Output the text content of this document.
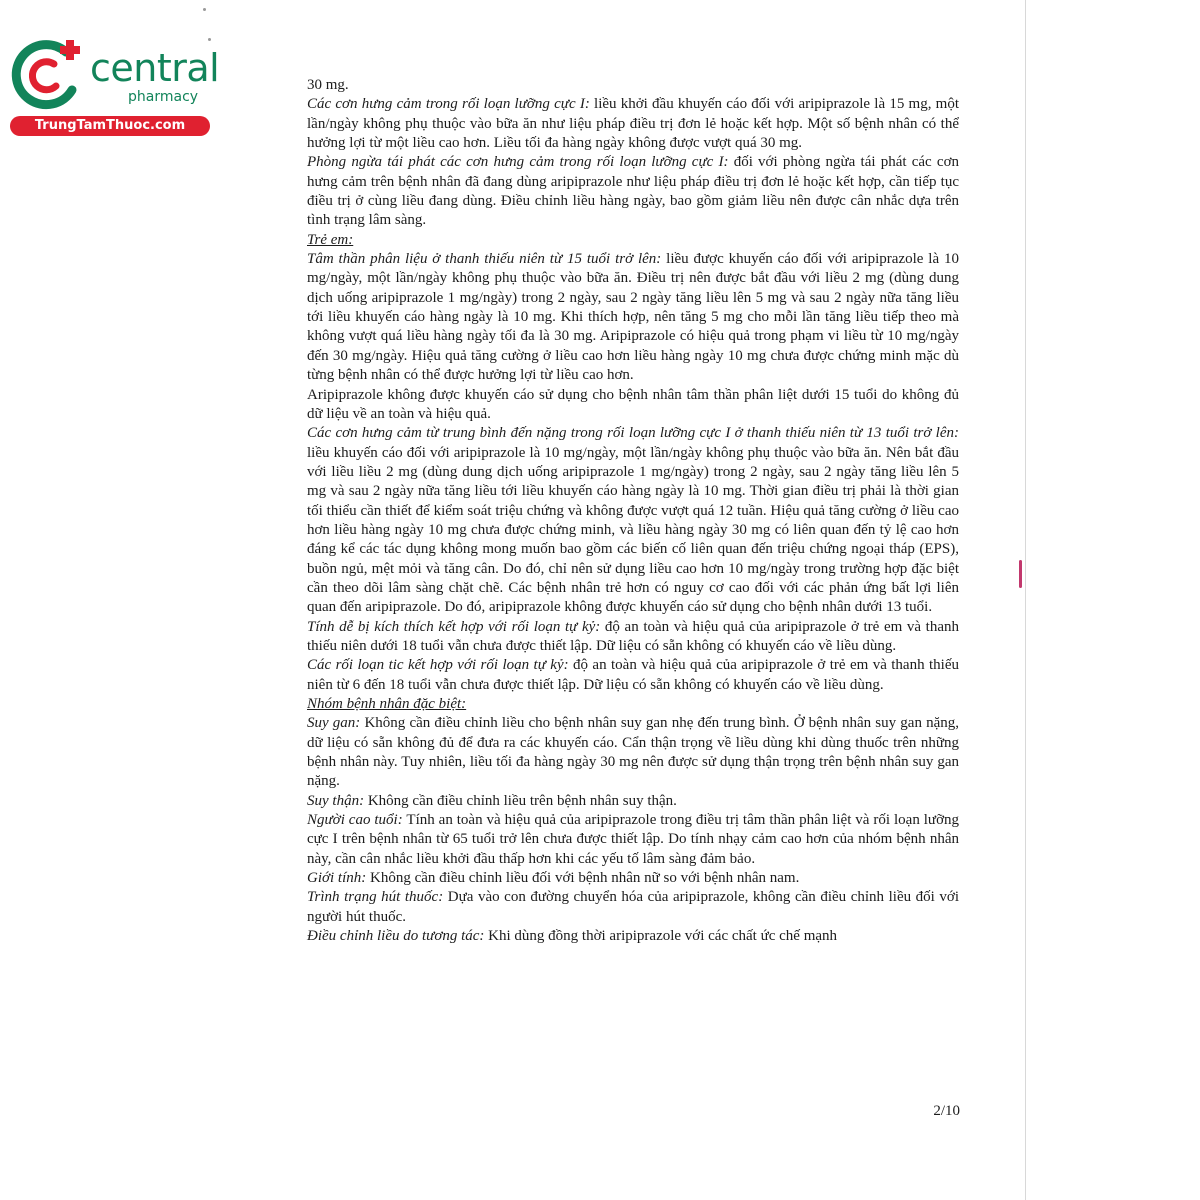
central
pharmacy
TrungTamThuoc.com

30 mg.

Các cơn hưng cảm trong rối loạn lưỡng cực I: liều khởi đầu khuyến cáo đối với aripiprazole là 15 mg, một lần/ngày không phụ thuộc vào bữa ăn như liệu pháp điều trị đơn lẻ hoặc kết hợp. Một số bệnh nhân có thể hưởng lợi từ một liều cao hơn. Liều tối đa hàng ngày không được vượt quá 30 mg.

Phòng ngừa tái phát các cơn hưng cảm trong rối loạn lưỡng cực I: đối với phòng ngừa tái phát các cơn hưng cảm trên bệnh nhân đã đang dùng aripiprazole như liệu pháp điều trị đơn lẻ hoặc kết hợp, cần tiếp tục điều trị ở cùng liều đang dùng. Điều chỉnh liều hàng ngày, bao gồm giảm liều nên được cân nhắc dựa trên tình trạng lâm sàng.

Trẻ em:

Tâm thần phân liệu ở thanh thiếu niên từ 15 tuổi trở lên: liều được khuyến cáo đối với aripiprazole là 10 mg/ngày, một lần/ngày không phụ thuộc vào bữa ăn. Điều trị nên được bắt đầu với liều 2 mg (dùng dung dịch uống aripiprazole 1 mg/ngày) trong 2 ngày, sau 2 ngày tăng liều lên 5 mg và sau 2 ngày nữa tăng liều tới liều khuyến cáo hàng ngày là 10 mg. Khi thích hợp, nên tăng 5 mg cho mỗi lần tăng liều tiếp theo mà không vượt quá liều hàng ngày tối đa là 30 mg. Aripiprazole có hiệu quả trong phạm vi liều từ 10 mg/ngày đến 30 mg/ngày. Hiệu quả tăng cường ở liều cao hơn liều hàng ngày 10 mg chưa được chứng minh mặc dù từng bệnh nhân có thể được hưởng lợi từ liều cao hơn.

Aripiprazole không được khuyến cáo sử dụng cho bệnh nhân tâm thần phân liệt dưới 15 tuổi do không đủ dữ liệu về an toàn và hiệu quả.

Các cơn hưng cảm từ trung bình đến nặng trong rối loạn lưỡng cực I ở thanh thiếu niên từ 13 tuổi trở lên: liều khuyến cáo đối với aripiprazole là 10 mg/ngày, một lần/ngày không phụ thuộc vào bữa ăn. Nên bắt đầu với liều liều 2 mg (dùng dung dịch uống aripiprazole 1 mg/ngày) trong 2 ngày, sau 2 ngày tăng liều lên 5 mg và sau 2 ngày nữa tăng liều tới liều khuyến cáo hàng ngày là 10 mg. Thời gian điều trị phải là thời gian tối thiểu cần thiết để kiểm soát triệu chứng và không được vượt quá 12 tuần. Hiệu quả tăng cường ở liều cao hơn liều hàng ngày 10 mg chưa được chứng minh, và liều hàng ngày 30 mg có liên quan đến tỷ lệ cao hơn đáng kể các tác dụng không mong muốn bao gồm các biến cố liên quan đến triệu chứng ngoại tháp (EPS), buồn ngủ, mệt mỏi và tăng cân. Do đó, chỉ nên sử dụng liều cao hơn 10 mg/ngày trong trường hợp đặc biệt cần theo dõi lâm sàng chặt chẽ. Các bệnh nhân trẻ hơn có nguy cơ cao đối với các phản ứng bất lợi liên quan đến aripiprazole. Do đó, aripiprazole không được khuyến cáo sử dụng cho bệnh nhân dưới 13 tuổi.

Tính dễ bị kích thích kết hợp với rối loạn tự kỷ: độ an toàn và hiệu quả của aripiprazole ở trẻ em và thanh thiếu niên dưới 18 tuổi vẫn chưa được thiết lập. Dữ liệu có sẵn không có khuyến cáo về liều dùng.

Các rối loạn tic kết hợp với rối loạn tự kỷ: độ an toàn và hiệu quả của aripiprazole ở trẻ em và thanh thiếu niên từ 6 đến 18 tuổi vẫn chưa được thiết lập. Dữ liệu có sẵn không có khuyến cáo về liều dùng.

Nhóm bệnh nhân đặc biệt:

Suy gan: Không cần điều chỉnh liều cho bệnh nhân suy gan nhẹ đến trung bình. Ở bệnh nhân suy gan nặng, dữ liệu có sẵn không đủ để đưa ra các khuyến cáo. Cẩn thận trọng về liều dùng khi dùng thuốc trên những bệnh nhân này. Tuy nhiên, liều tối đa hàng ngày 30 mg nên được sử dụng thận trọng trên bệnh nhân suy gan nặng.

Suy thận: Không cần điều chỉnh liều trên bệnh nhân suy thận.

Người cao tuổi: Tính an toàn và hiệu quả của aripiprazole trong điều trị tâm thần phân liệt và rối loạn lưỡng cực I trên bệnh nhân từ 65 tuổi trở lên chưa được thiết lập. Do tính nhạy cảm cao hơn của nhóm bệnh nhân này, cần cân nhắc liều khởi đầu thấp hơn khi các yếu tố lâm sàng đảm bảo.

Giới tính: Không cần điều chỉnh liều đối với bệnh nhân nữ so với bệnh nhân nam.

Trình trạng hút thuốc: Dựa vào con đường chuyển hóa của aripiprazole, không cần điều chỉnh liều đối với người hút thuốc.

Điều chỉnh liều do tương tác: Khi dùng đồng thời aripiprazole với các chất ức chế mạnh

2/10
